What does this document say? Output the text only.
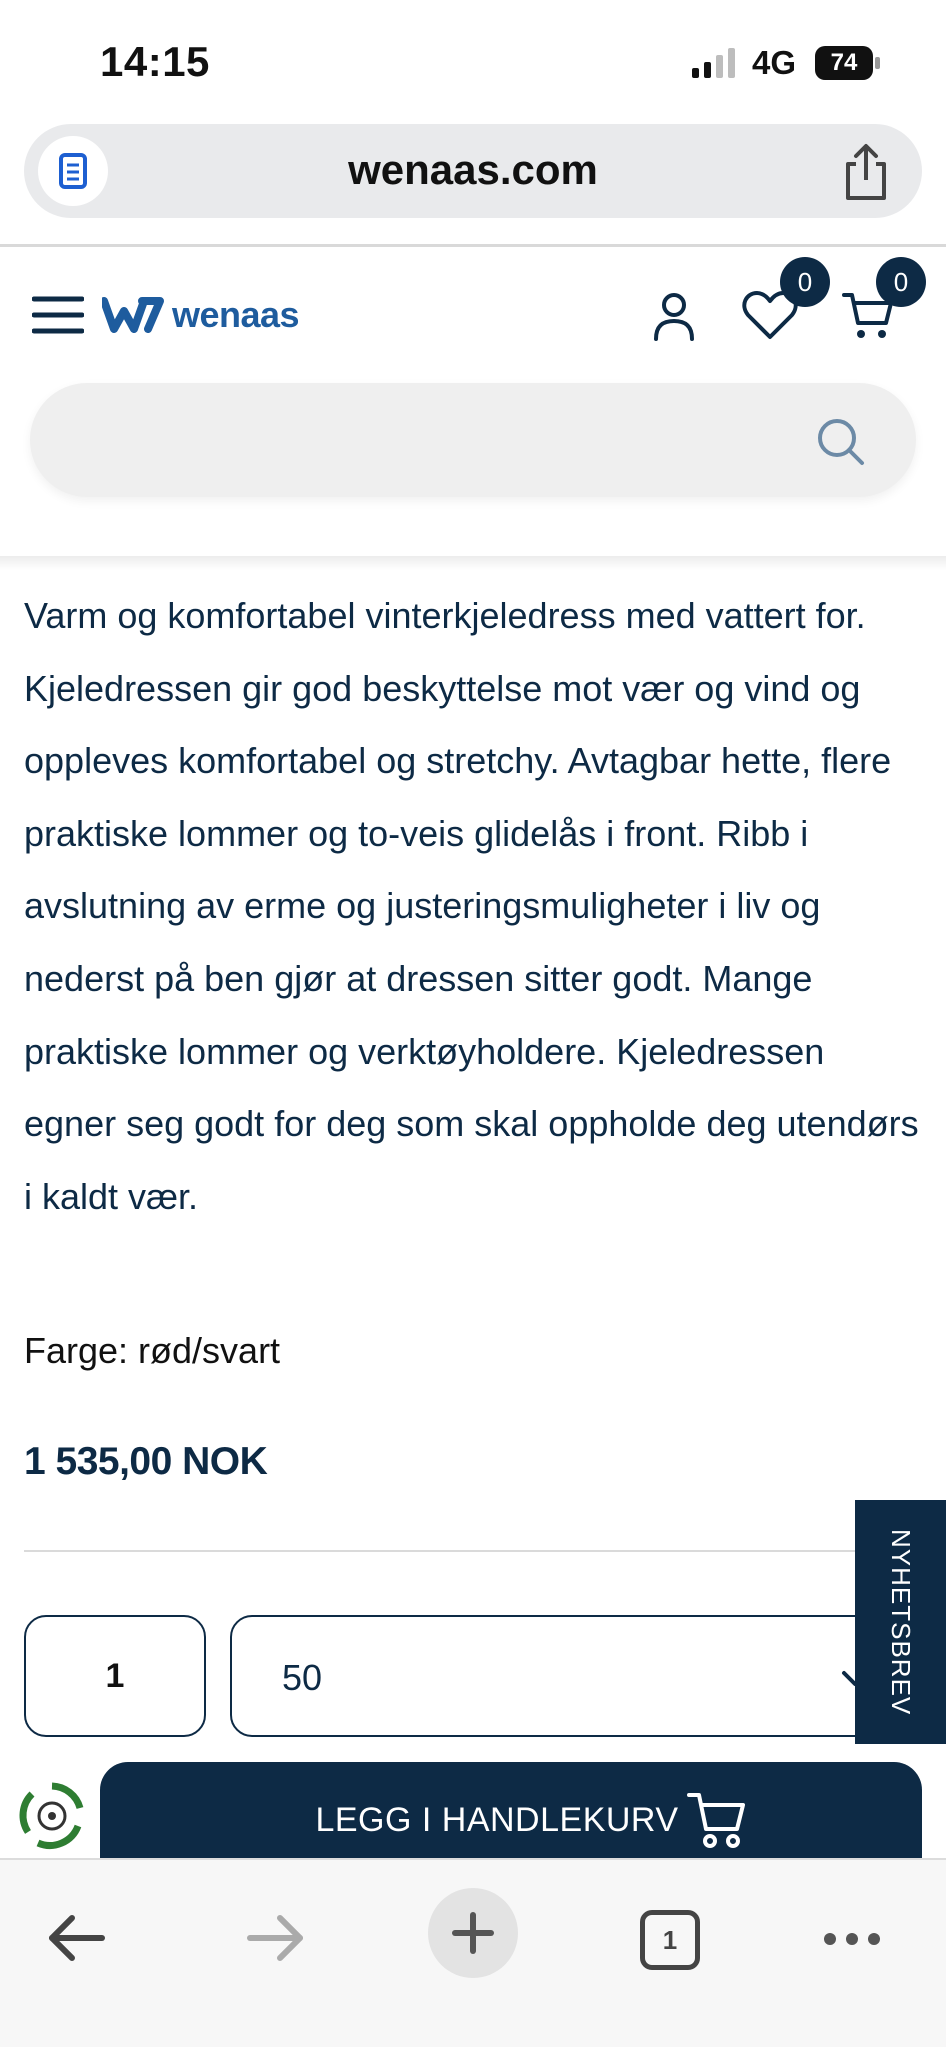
14:15	4G	74
wenaas.com
wenaas
0	0

Varm og komfortabel vinterkjeledress med vattert for. Kjeledressen gir god beskyttelse mot vær og vind og oppleves komfortabel og stretchy. Avtagbar hette, flere praktiske lommer og to-veis glidelås i front. Ribb i avslutning av erme og justeringsmuligheter i liv og nederst på ben gjør at dressen sitter godt. Mange praktiske lommer og verktøyholdere. Kjeledressen egner seg godt for deg som skal oppholde deg utendørs i kaldt vær.

Farge: rød/svart
1 535,00 NOK
1
50
LEGG I HANDLEKURV
NYHETSBREV
1
